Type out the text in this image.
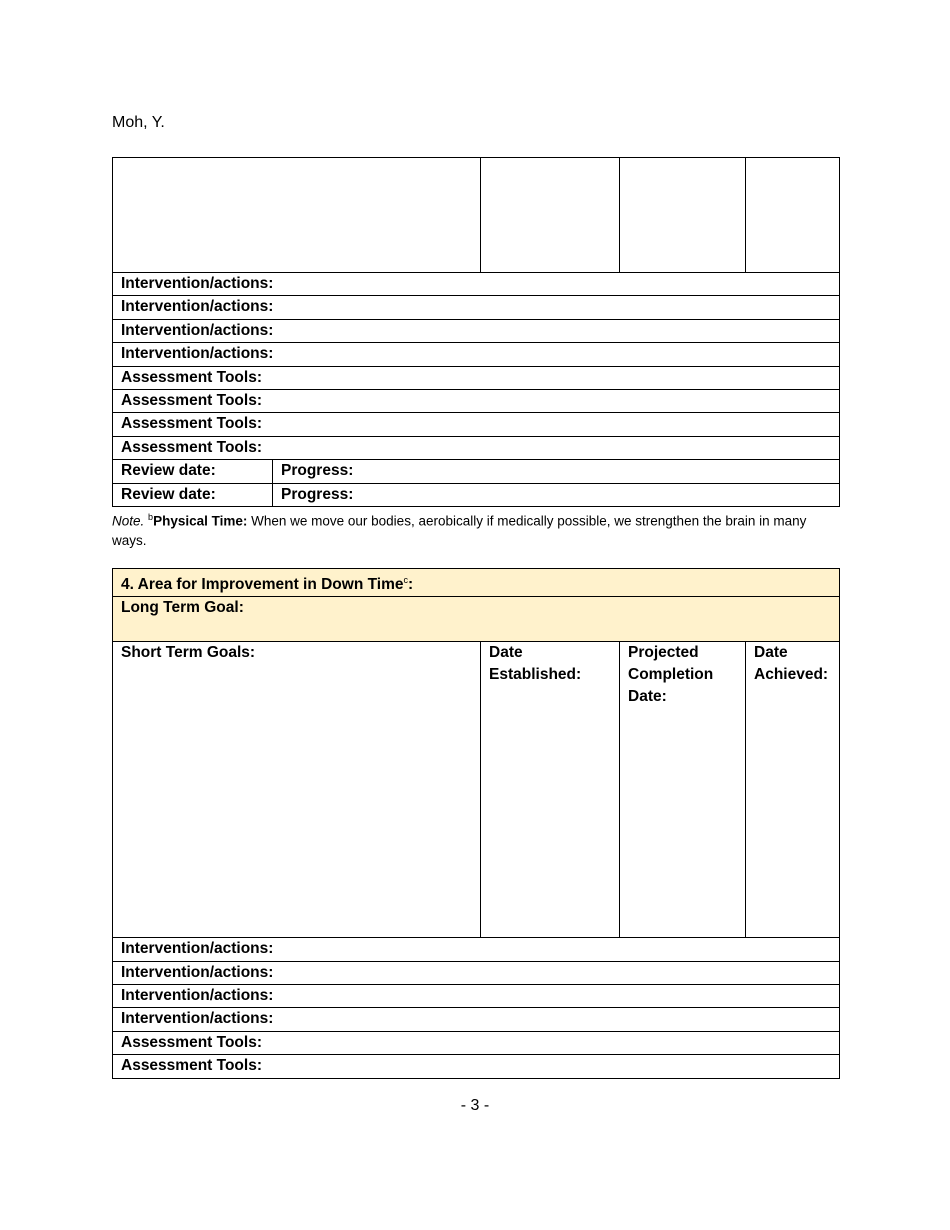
Moh, Y.

Intervention/actions:				
Intervention/actions:				
Intervention/actions:				
Intervention/actions:				
Assessment Tools:				
Assessment Tools:				
Assessment Tools:				
Assessment Tools:				
Review date:	Progress:			
Review date:	Progress:			
Note. $^b$Physical Time: When we move our bodies, aerobically if medically possible, we strengthen the brain in many ways.
4. Area for Improvement in Down Time$^c$:
Long Term Goal:
Short Term Goals:	Date Established:	Projected Completion Date:	Date Achieved:
Intervention/actions:
Intervention/actions:
Intervention/actions:
Intervention/actions:
Assessment Tools:
Assessment Tools:
- 3 -
